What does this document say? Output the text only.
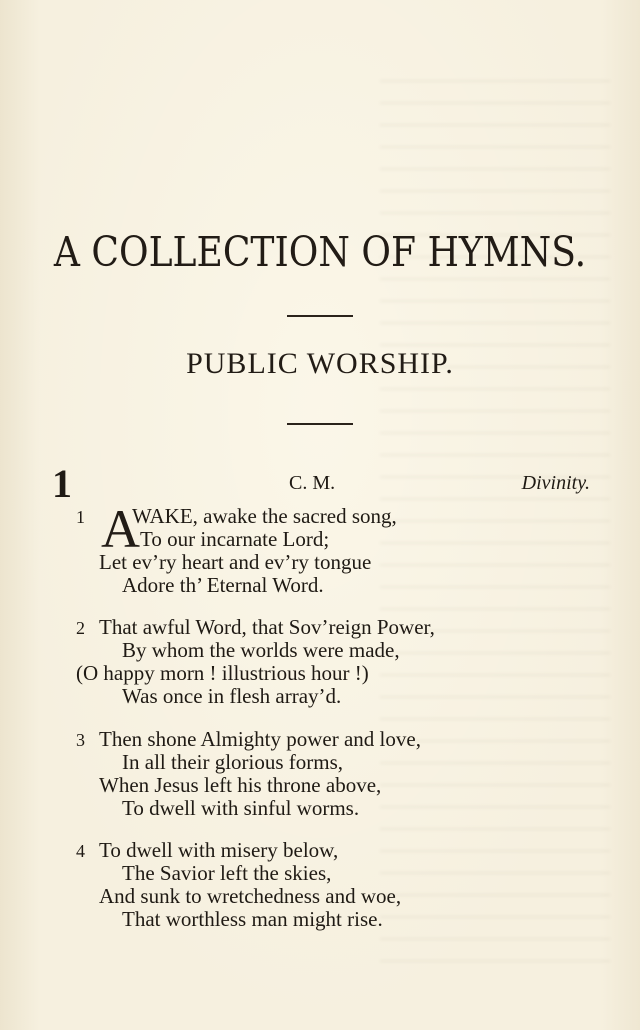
A COLLECTION OF HYMNS.
PUBLIC WORSHIP.
1	C. M.	Divinity.
1 A
WAKE, awake the sacred song,
To our incarnate Lord;
Let ev’ry heart and ev’ry tongue
Adore th’ Eternal Word.
2 That awful Word, that Sov’reign Power,
By whom the worlds were made,
(O happy morn ! illustrious hour !)
Was once in flesh array’d.
3 Then shone Almighty power and love,
In all their glorious forms,
When Jesus left his throne above,
To dwell with sinful worms.
4 To dwell with misery below,
The Savior left the skies,
And sunk to wretchedness and woe,
That worthless man might rise.
